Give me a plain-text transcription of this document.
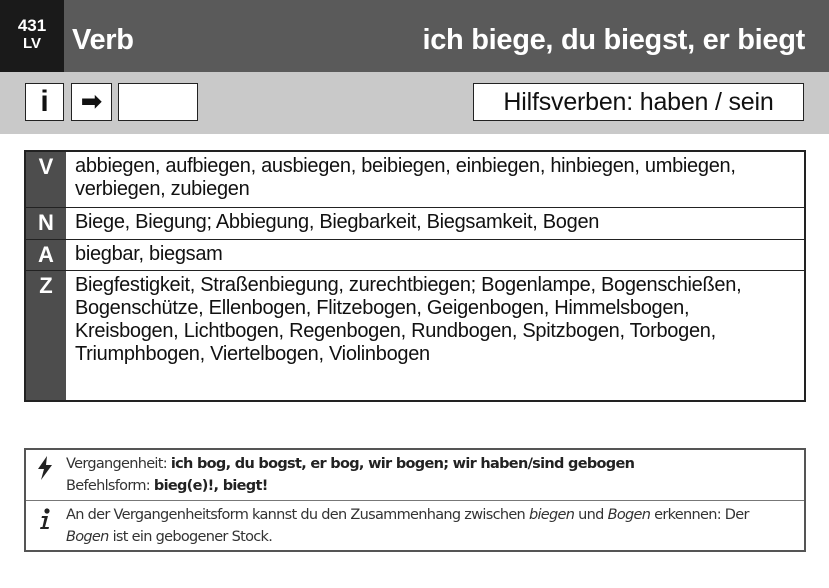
431
LV	Verb	ich biege, du biegst, er biegt
i	➡	Hilfsverben: haben / sein
V	abbiegen, aufbiegen, ausbiegen, beibiegen, einbiegen, hinbiegen, umbiegen, verbiegen, zubiegen
N	Biege, Biegung; Abbiegung, Biegbarkeit, Biegsamkeit, Bogen
A	biegbar, biegsam
Z	Biegfestigkeit, Straßenbiegung, zurechtbiegen; Bogenlampe, Bogenschießen, Bogenschütze, Ellenbogen, Flitzebogen, Geigenbogen, Himmelsbogen, Kreisbogen, Lichtbogen, Regenbogen, Rundbogen, Spitzbogen, Torbogen, Triumphbogen, Viertelbogen, Violinbogen
Vergangenheit: ich bog, du bogst, er bog, wir bogen; wir haben/sind gebogen
Befehlsform: bieg(e)!, biegt!
An der Vergangenheitsform kannst du den Zusammenhang zwischen biegen und Bogen erkennen: Der
Bogen ist ein gebogener Stock.
